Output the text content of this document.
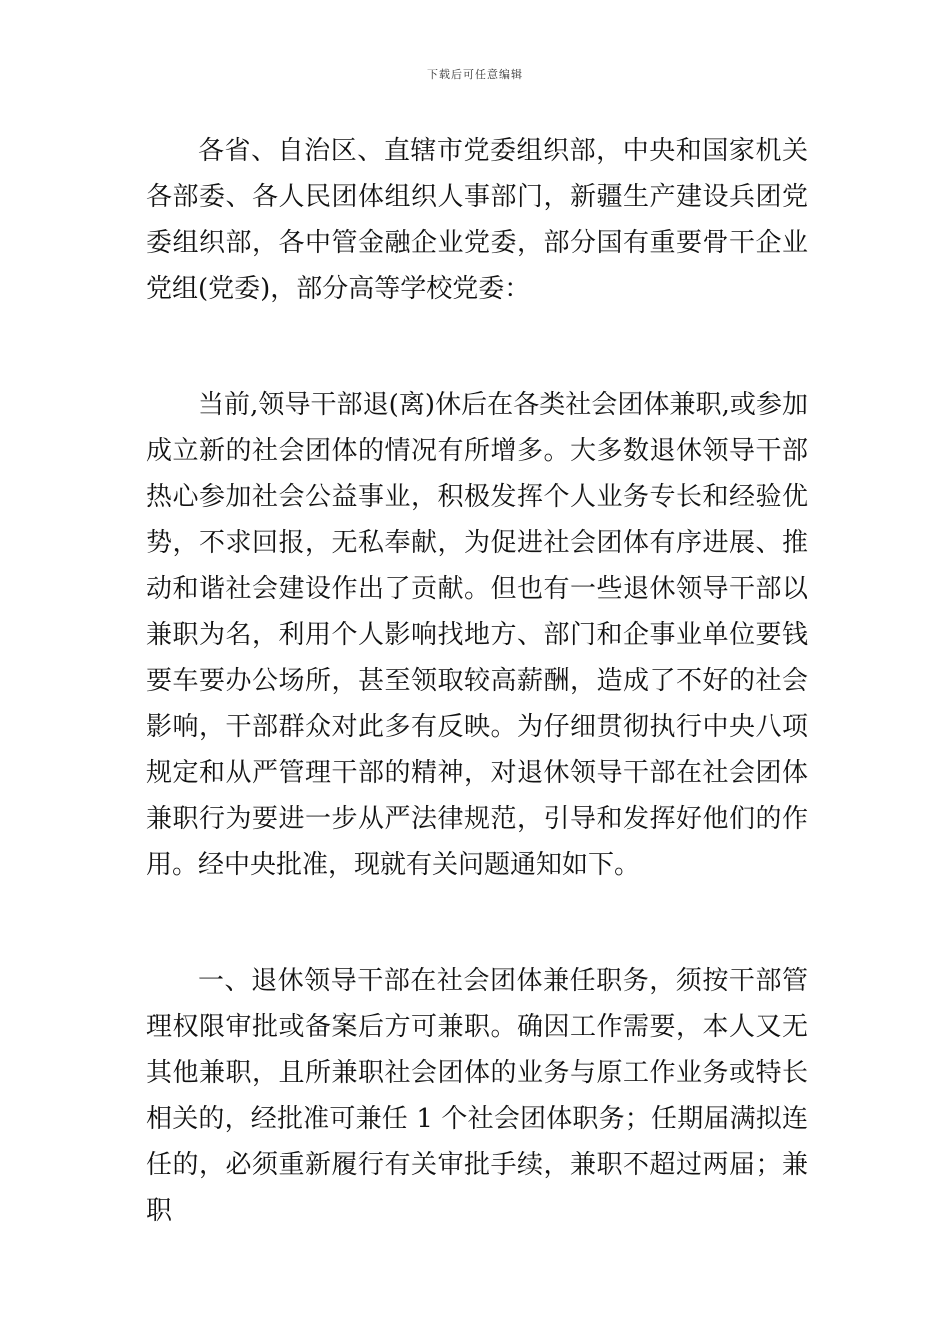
下载后可任意编辑

各省、自治区、直辖市党委组织部，中央和国家机关各部委、各人民团体组织人事部门，新疆生产建设兵团党委组织部，各中管金融企业党委，部分国有重要骨干企业党组(党委)，部分高等学校党委：

当前,领导干部退(离)休后在各类社会团体兼职,或参加成立新的社会团体的情况有所增多。大多数退休领导干部热心参加社会公益事业，积极发挥个人业务专长和经验优势，不求回报，无私奉献，为促进社会团体有序进展、推动和谐社会建设作出了贡献。但也有一些退休领导干部以兼职为名，利用个人影响找地方、部门和企事业单位要钱要车要办公场所，甚至领取较高薪酬，造成了不好的社会影响，干部群众对此多有反映。为仔细贯彻执行中央八项规定和从严管理干部的精神，对退休领导干部在社会团体兼职行为要进一步从严法律规范，引导和发挥好他们的作用。经中央批准，现就有关问题通知如下。

一、退休领导干部在社会团体兼任职务，须按干部管理权限审批或备案后方可兼职。确因工作需要，本人又无其他兼职，且所兼职社会团体的业务与原工作业务或特长相关的，经批准可兼任 1 个社会团体职务；任期届满拟连任的，必须重新履行有关审批手续，兼职不超过两届；兼职
